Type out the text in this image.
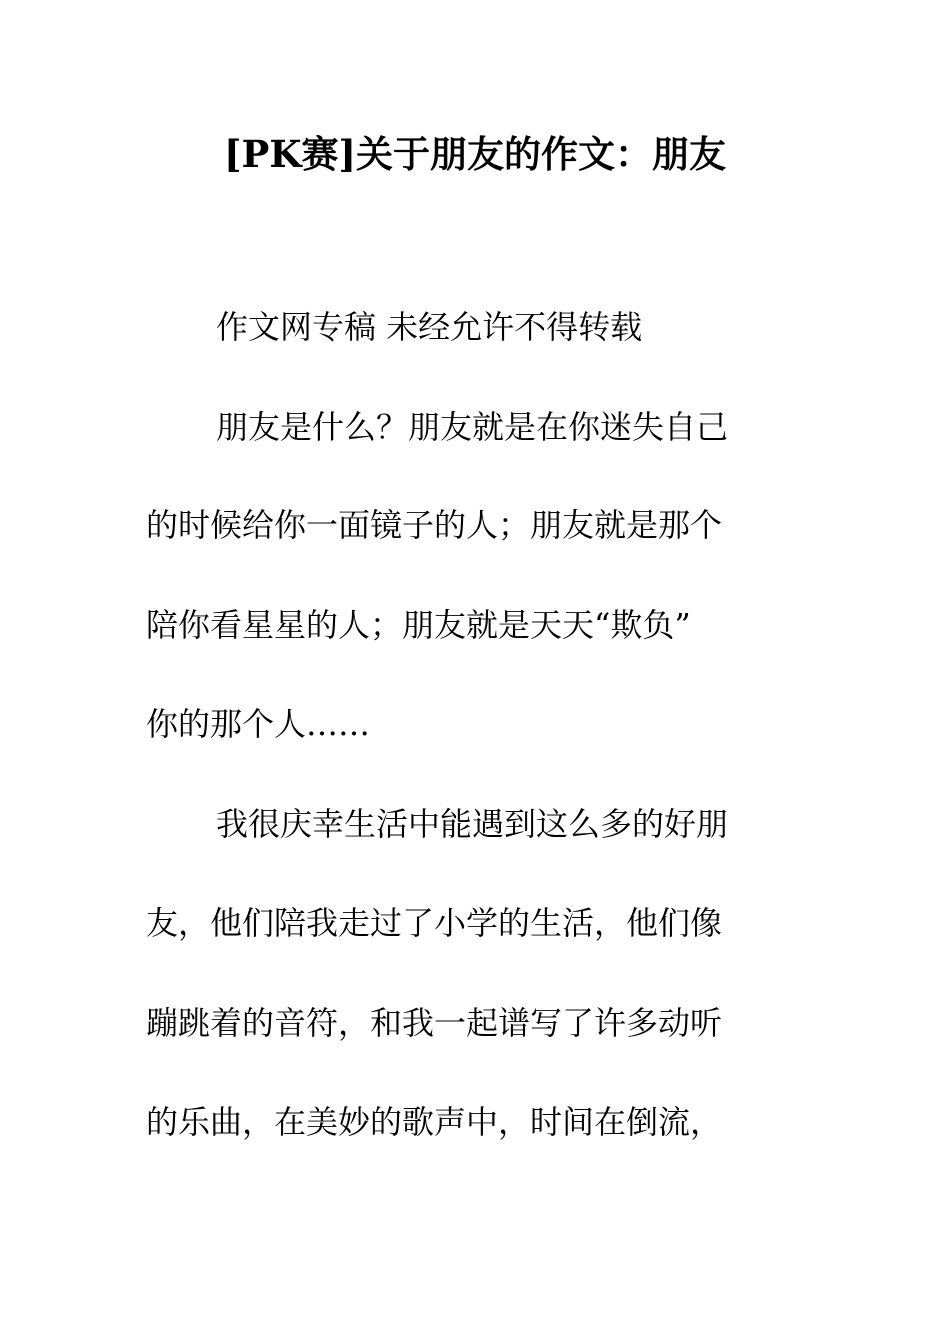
[PK赛]关于朋友的作文：朋友
作文网专稿 未经允许不得转载
朋友是什么？朋友就是在你迷失自己
的时候给你一面镜子的人；朋友就是那个
陪你看星星的人；朋友就是天天“欺负”
你的那个人……
我很庆幸生活中能遇到这么多的好朋
友，他们陪我走过了小学的生活，他们像
蹦跳着的音符，和我一起谱写了许多动听
的乐曲，在美妙的歌声中，时间在倒流，
